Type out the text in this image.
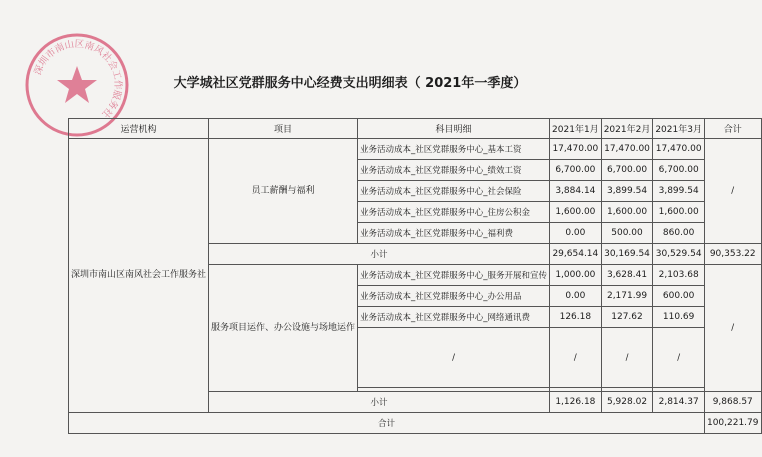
深圳市南山区南风社会工作服务社
大学城社区党群服务中心经费支出明细表（ 2021年一季度）
运营机构	项目	科目明细	2021年1月	2021年2月	2021年3月	合计
深圳市南山区南风社会工作服务社	员工薪酬与福利	业务活动成本_社区党群服务中心_基本工资	17,470.00	17,470.00	17,470.00	/
		业务活动成本_社区党群服务中心_绩效工资	6,700.00	6,700.00	6,700.00	
		业务活动成本_社区党群服务中心_社会保险	3,884.14	3,899.54	3,899.54	
		业务活动成本_社区党群服务中心_住房公积金	1,600.00	1,600.00	1,600.00	
		业务活动成本_社区党群服务中心_福利费	0.00	500.00	860.00	
	小计		29,654.14	30,169.54	30,529.54	90,353.22
	服务项目运作、办公设施与场地运作	业务活动成本_社区党群服务中心_服务开展和宣传	1,000.00	3,628.41	2,103.68	/
		业务活动成本_社区党群服务中心_办公用品	0.00	2,171.99	600.00	
		业务活动成本_社区党群服务中心_网络通讯费	126.18	127.62	110.69	
		/	/	/	/	

	小计		1,126.18	5,928.02	2,814.37	9,868.57
合计						100,221.79
